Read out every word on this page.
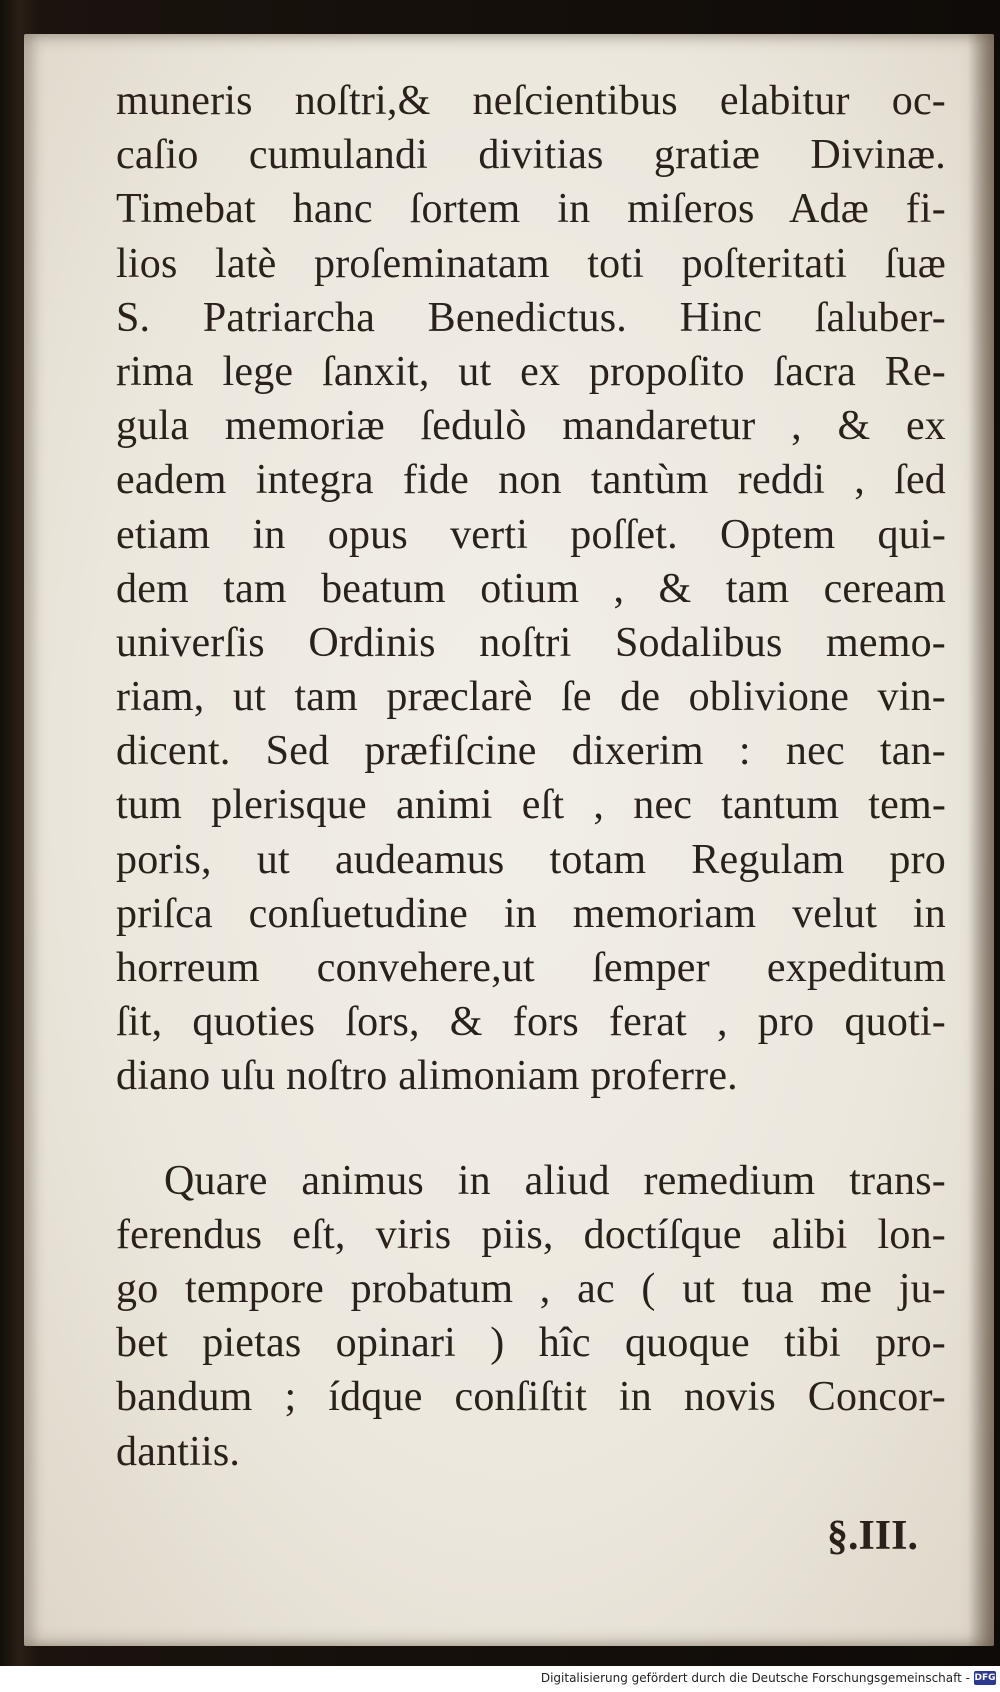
muneris noſtri,& neſcientibus elabitur oc-
caſio cumulandi divitias gratiæ Divinæ.
Timebat hanc ſortem in miſeros Adæ fi-
lios latè proſeminatam toti poſteritati ſuæ
S. Patriarcha Benedictus. Hinc ſaluber-
rima lege ſanxit, ut ex propoſito ſacra Re-
gula memoriæ ſedulò mandaretur , & ex
eadem integra fide non tantùm reddi , ſed
etiam in opus verti poſſet. Optem qui-
dem tam beatum otium , & tam ceream
univerſis Ordinis noſtri Sodalibus memo-
riam, ut tam præclarè ſe de oblivione vin-
dicent. Sed præfiſcine dixerim : nec tan-
tum plerisque animi eſt , nec tantum tem-
poris, ut audeamus totam Regulam pro
priſca conſuetudine in memoriam velut in
horreum convehere,ut ſemper expeditum
ſit, quoties ſors, & fors ferat , pro quoti-
diano uſu noſtro alimoniam proferre.
Quare animus in aliud remedium trans-
ferendus eſt, viris piis, doctíſque alibi lon-
go tempore probatum , ac ( ut tua me ju-
bet pietas opinari ) hîc quoque tibi pro-
bandum ; ídque conſiſtit in novis Concor-
dantiis.
§.III.
Digitalisierung gefördert durch die Deutsche Forschungsgemeinschaft - DFG
